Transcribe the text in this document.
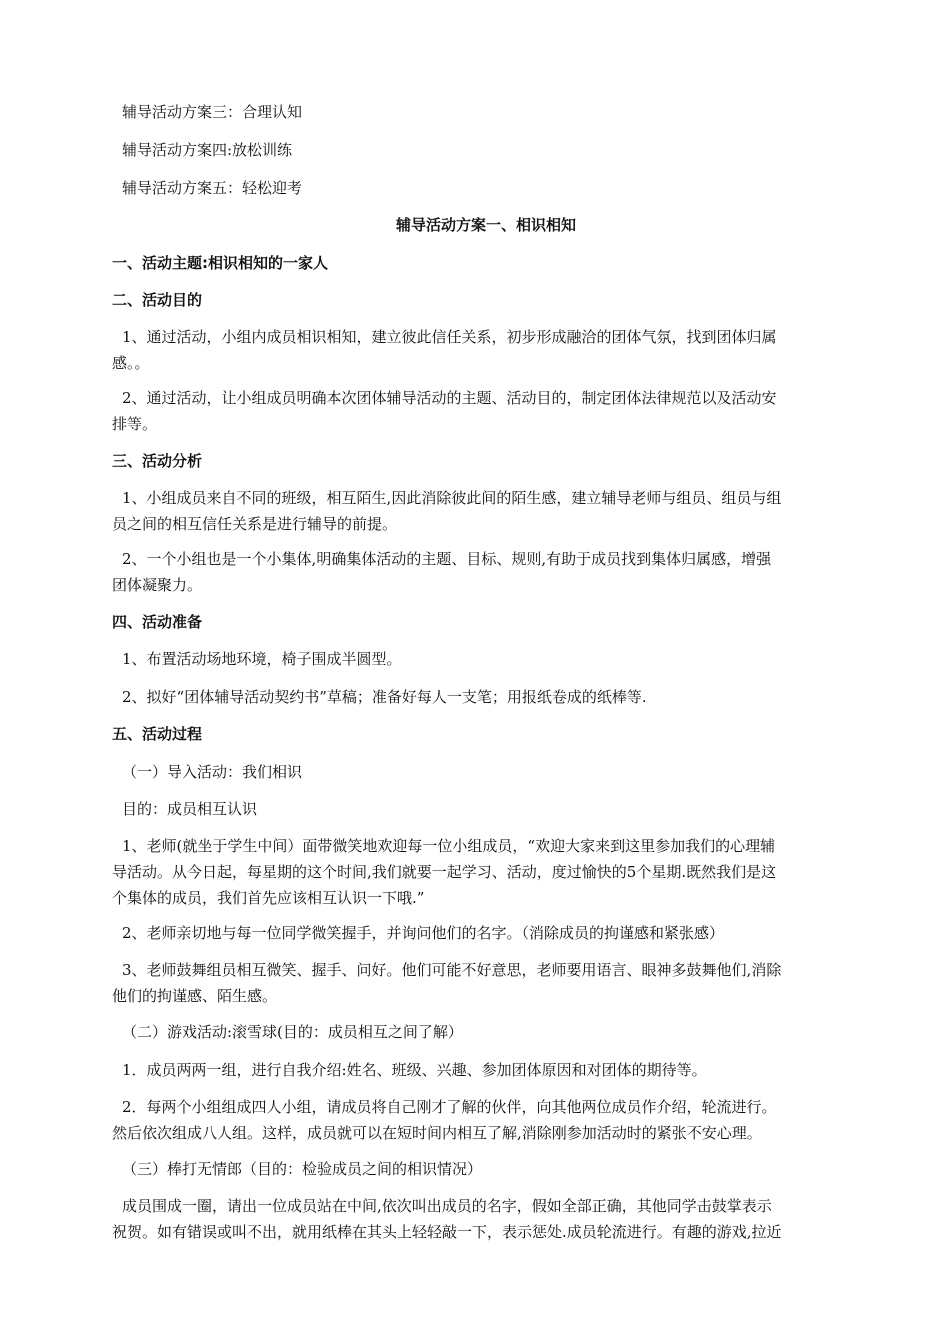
辅导活动方案三：合理认知
辅导活动方案四:放松训练
辅导活动方案五：轻松迎考
辅导活动方案一、相识相知
一、活动主题:相识相知的一家人
二、活动目的
1、通过活动，小组内成员相识相知，建立彼此信任关系，初步形成融洽的团体气氛，找到团体归属
感。。
2、通过活动，让小组成员明确本次团体辅导活动的主题、活动目的，制定团体法律规范以及活动安
排等。
三、活动分析
1、小组成员来自不同的班级，相互陌生,因此消除彼此间的陌生感，建立辅导老师与组员、组员与组
员之间的相互信任关系是进行辅导的前提。
2、一个小组也是一个小集体,明确集体活动的主题、目标、规则,有助于成员找到集体归属感，增强
团体凝聚力。
四、活动准备
1、布置活动场地环境，椅子围成半圆型。
2、拟好“团体辅导活动契约书”草稿；准备好每人一支笔；用报纸卷成的纸棒等.
五、活动过程
（一）导入活动：我们相识
目的：成员相互认识
1、老师(就坐于学生中间）面带微笑地欢迎每一位小组成员，“欢迎大家来到这里参加我们的心理辅
导活动。从今日起，每星期的这个时间,我们就要一起学习、活动，度过愉快的5个星期.既然我们是这
个集体的成员，我们首先应该相互认识一下哦.”
2、老师亲切地与每一位同学微笑握手，并询问他们的名字。（消除成员的拘谨感和紧张感）
3、老师鼓舞组员相互微笑、握手、问好。他们可能不好意思，老师要用语言、眼神多鼓舞他们,消除
他们的拘谨感、陌生感。
（二）游戏活动:滚雪球(目的：成员相互之间了解）
1．成员两两一组，进行自我介绍:姓名、班级、兴趣、参加团体原因和对团体的期待等。
2．每两个小组组成四人小组，请成员将自己刚才了解的伙伴，向其他两位成员作介绍，轮流进行。
然后依次组成八人组。这样，成员就可以在短时间内相互了解,消除刚参加活动时的紧张不安心理。
（三）棒打无情郎（目的：检验成员之间的相识情况）
成员围成一圈，请出一位成员站在中间,依次叫出成员的名字，假如全部正确，其他同学击鼓掌表示
祝贺。如有错误或叫不出，就用纸棒在其头上轻轻敲一下，表示惩处.成员轮流进行。有趣的游戏,拉近
